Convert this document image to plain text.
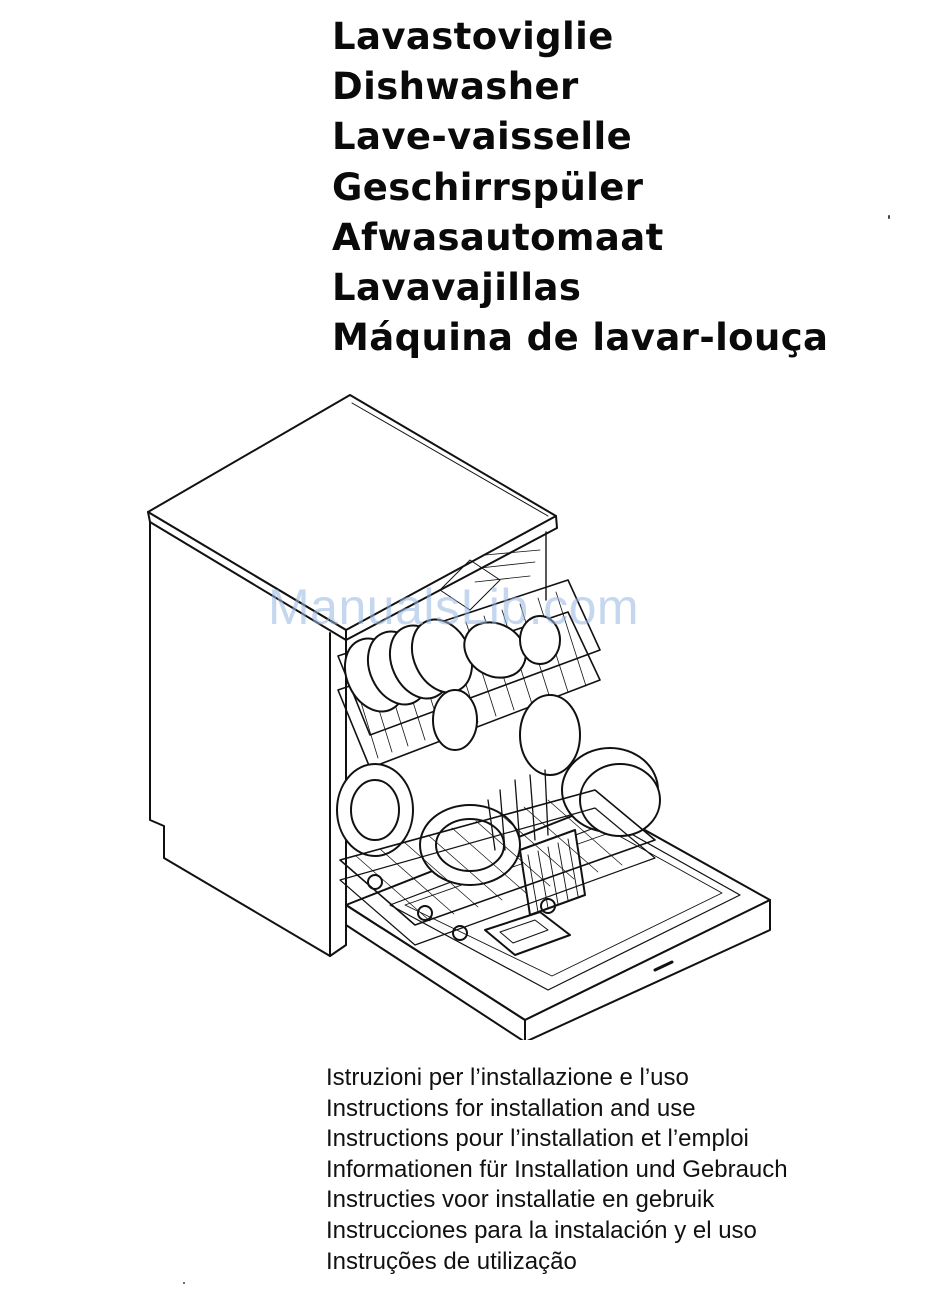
Lavastoviglie
Dishwasher
Lave-vaisselle
Geschirrspüler
Afwasautomaat
Lavavajillas
Máquina de lavar-louça
ManualsLib.com
Istruzioni per l’installazione e l’uso
Instructions for installation and use
Instructions pour l’installation et l’emploi
Informationen für Installation und Gebrauch
Instructies voor installatie en gebruik
Instrucciones para la instalación y el uso
Instruções de utilização
